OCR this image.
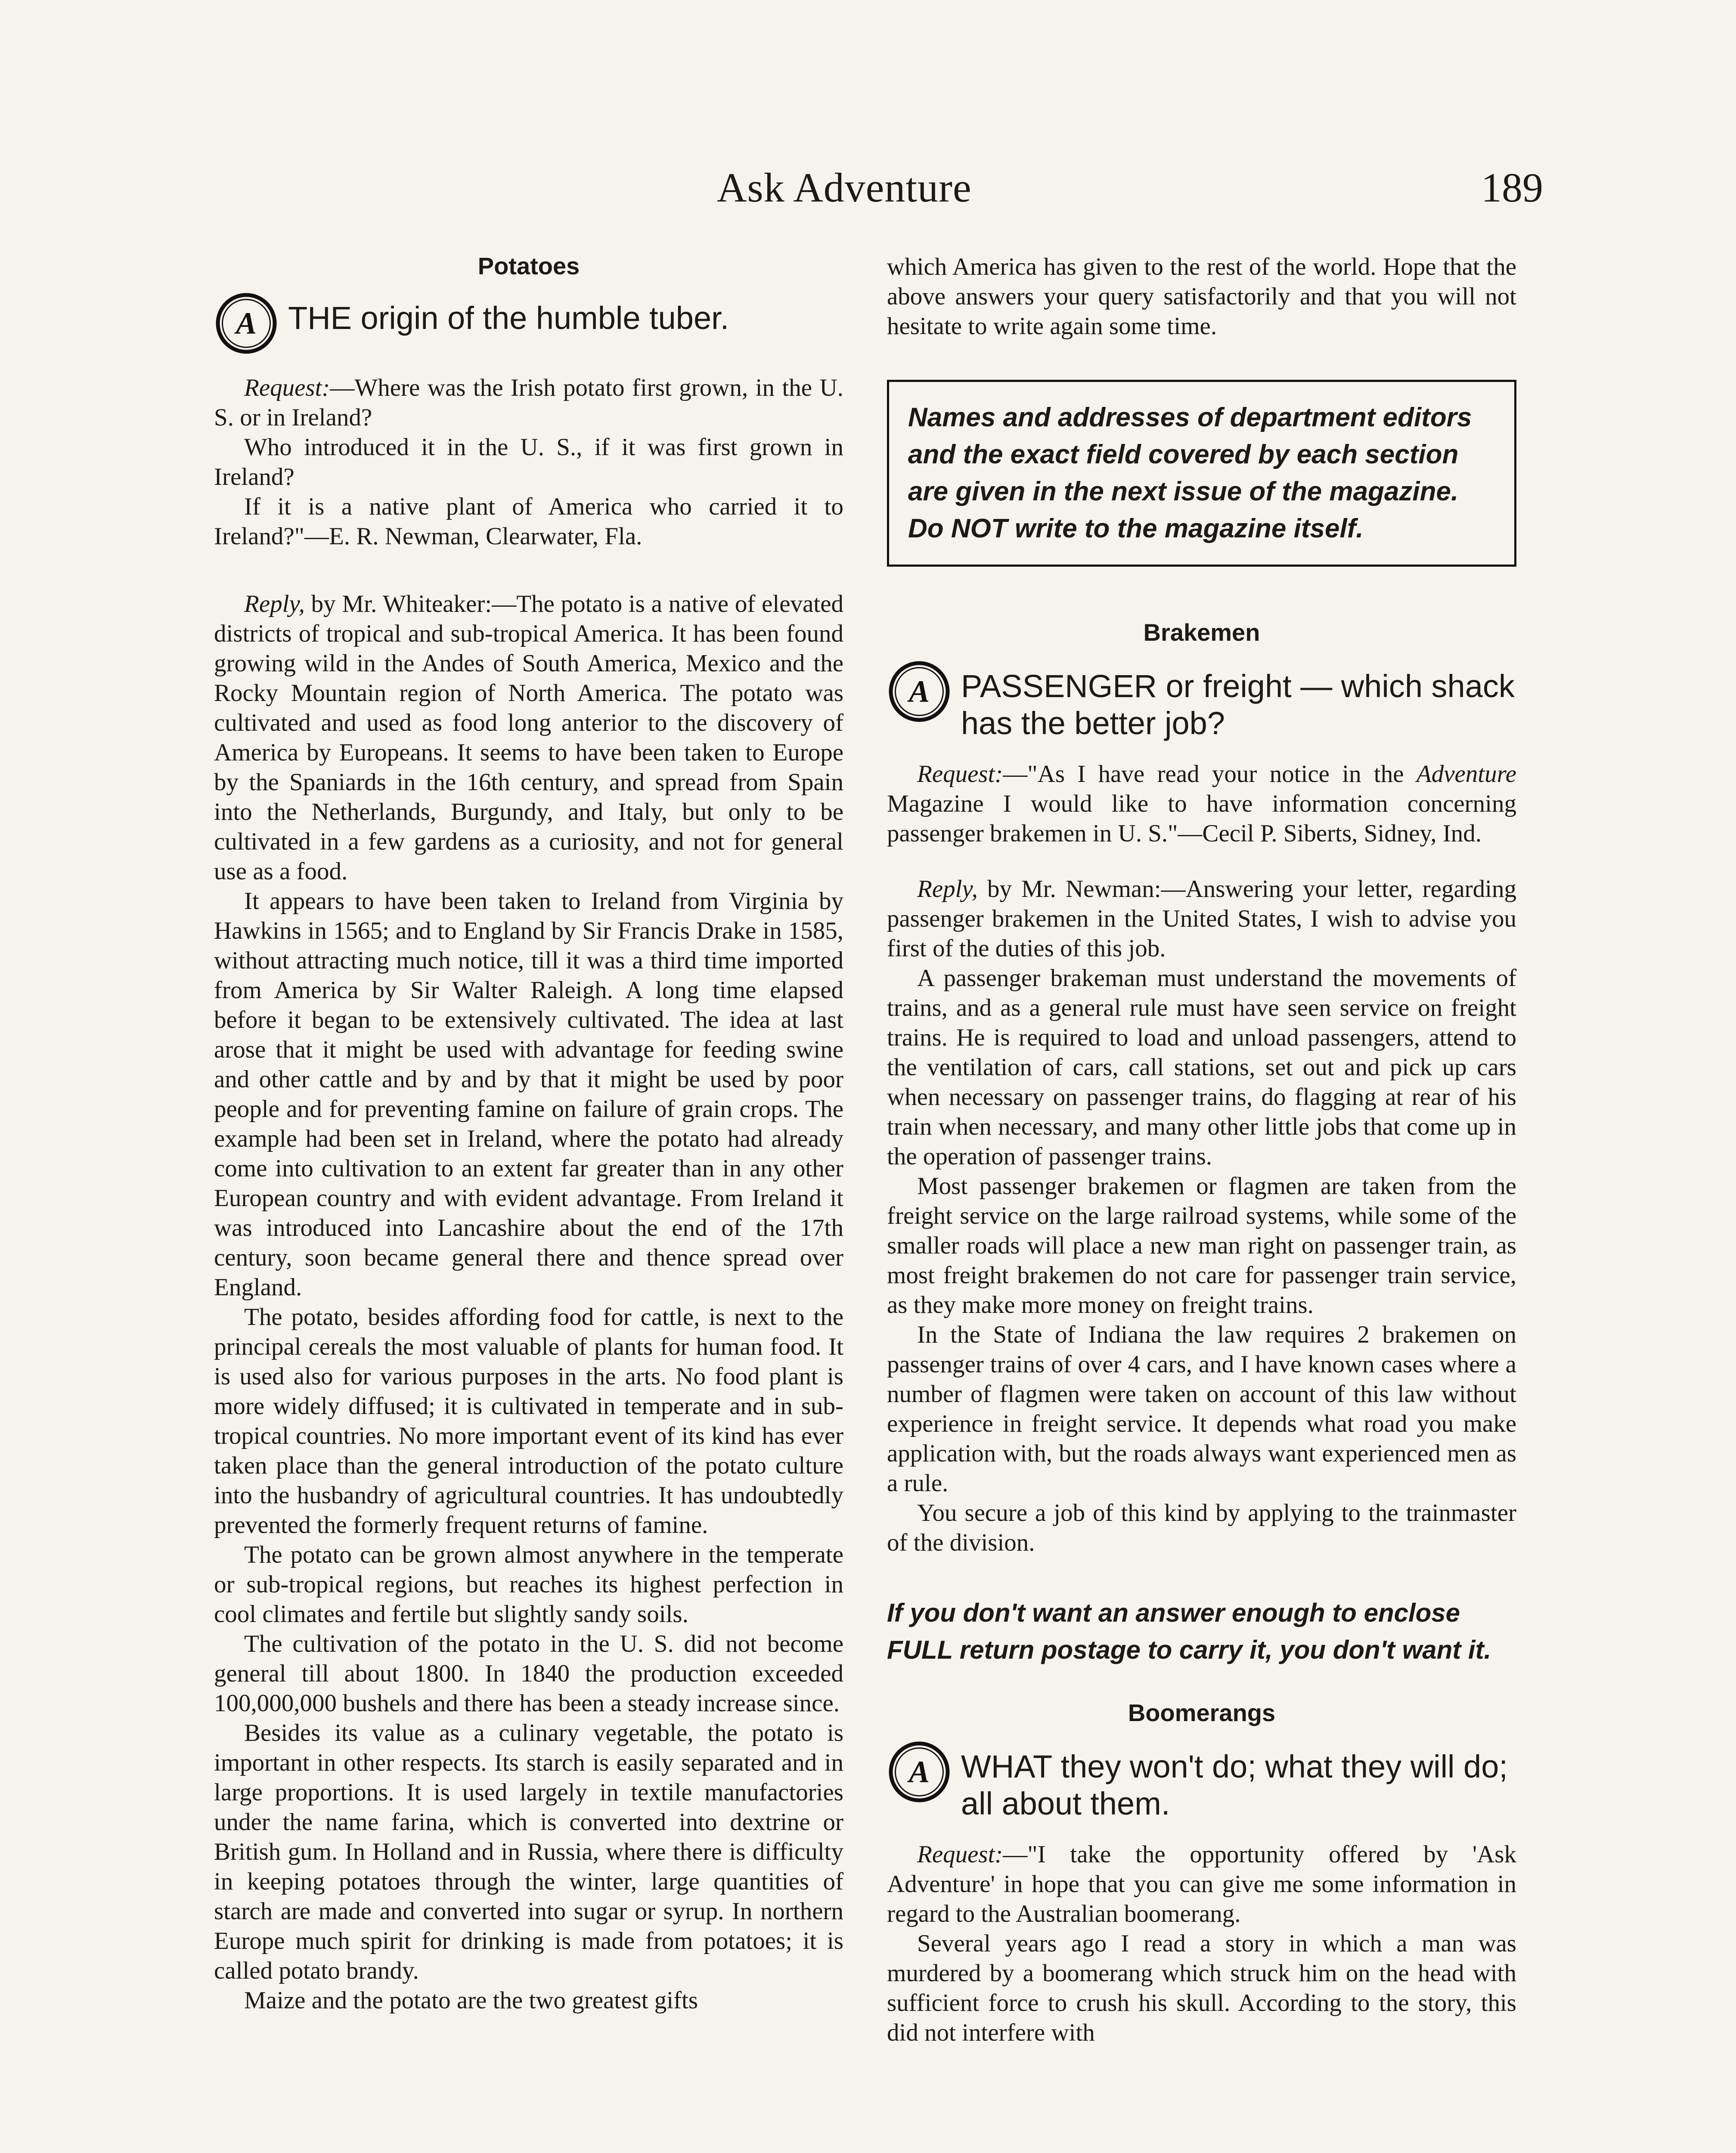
Ask Adventure	189
Potatoes
A THE origin of the humble tuber.

Request:—Where was the Irish potato first grown, in the U. S. or in Ireland?

Who introduced it in the U. S., if it was first grown in Ireland?

If it is a native plant of America who carried it to Ireland?"—E. R. Newman, Clearwater, Fla.

Reply, by Mr. Whiteaker:—The potato is a native of elevated districts of tropical and sub-tropical America. It has been found growing wild in the Andes of South America, Mexico and the Rocky Mountain region of North America. The potato was cultivated and used as food long anterior to the discovery of America by Europeans. It seems to have been taken to Europe by the Spaniards in the 16th century, and spread from Spain into the Netherlands, Burgundy, and Italy, but only to be cultivated in a few gardens as a curiosity, and not for general use as a food.

It appears to have been taken to Ireland from Virginia by Hawkins in 1565; and to England by Sir Francis Drake in 1585, without attracting much notice, till it was a third time imported from America by Sir Walter Raleigh. A long time elapsed before it began to be extensively cultivated. The idea at last arose that it might be used with advantage for feeding swine and other cattle and by and by that it might be used by poor people and for preventing famine on failure of grain crops. The example had been set in Ireland, where the potato had already come into cultivation to an extent far greater than in any other European country and with evident advantage. From Ireland it was introduced into Lancashire about the end of the 17th century, soon became general there and thence spread over England.

The potato, besides affording food for cattle, is next to the principal cereals the most valuable of plants for human food. It is used also for various purposes in the arts. No food plant is more widely diffused; it is cultivated in temperate and in sub-tropical countries. No more important event of its kind has ever taken place than the general introduction of the potato culture into the husbandry of agricultural countries. It has undoubtedly prevented the formerly frequent returns of famine.

The potato can be grown almost anywhere in the temperate or sub-tropical regions, but reaches its highest perfection in cool climates and fertile but slightly sandy soils.

The cultivation of the potato in the U. S. did not become general till about 1800. In 1840 the production exceeded 100,000,000 bushels and there has been a steady increase since.

Besides its value as a culinary vegetable, the potato is important in other respects. Its starch is easily separated and in large proportions. It is used largely in textile manufactories under the name farina, which is converted into dextrine or British gum. In Holland and in Russia, where there is difficulty in keeping potatoes through the winter, large quantities of starch are made and converted into sugar or syrup. In northern Europe much spirit for drinking is made from potatoes; it is called potato brandy.

Maize and the potato are the two greatest gifts

which America has given to the rest of the world. Hope that the above answers your query satisfactorily and that you will not hesitate to write again some time.

Names and addresses of department editors and the exact field covered by each section are given in the next issue of the magazine. Do NOT write to the magazine itself.
Brakemen
A PASSENGER or freight — which shack has the better job?

Request:—"As I have read your notice in the Adventure Magazine I would like to have information concerning passenger brakemen in U. S."—Cecil P. Siberts, Sidney, Ind.

Reply, by Mr. Newman:—Answering your letter, regarding passenger brakemen in the United States, I wish to advise you first of the duties of this job.

A passenger brakeman must understand the movements of trains, and as a general rule must have seen service on freight trains. He is required to load and unload passengers, attend to the ventilation of cars, call stations, set out and pick up cars when necessary on passenger trains, do flagging at rear of his train when necessary, and many other little jobs that come up in the operation of passenger trains.

Most passenger brakemen or flagmen are taken from the freight service on the large railroad systems, while some of the smaller roads will place a new man right on passenger train, as most freight brakemen do not care for passenger train service, as they make more money on freight trains.

In the State of Indiana the law requires 2 brakemen on passenger trains of over 4 cars, and I have known cases where a number of flagmen were taken on account of this law without experience in freight service. It depends what road you make application with, but the roads always want experienced men as a rule.

You secure a job of this kind by applying to the trainmaster of the division.

If you don't want an answer enough to enclose FULL return postage to carry it, you don't want it.

Boomerangs
A WHAT they won't do; what they will do; all about them.

Request:—"I take the opportunity offered by 'Ask Adventure' in hope that you can give me some information in regard to the Australian boomerang.

Several years ago I read a story in which a man was murdered by a boomerang which struck him on the head with sufficient force to crush his skull. According to the story, this did not interfere with
